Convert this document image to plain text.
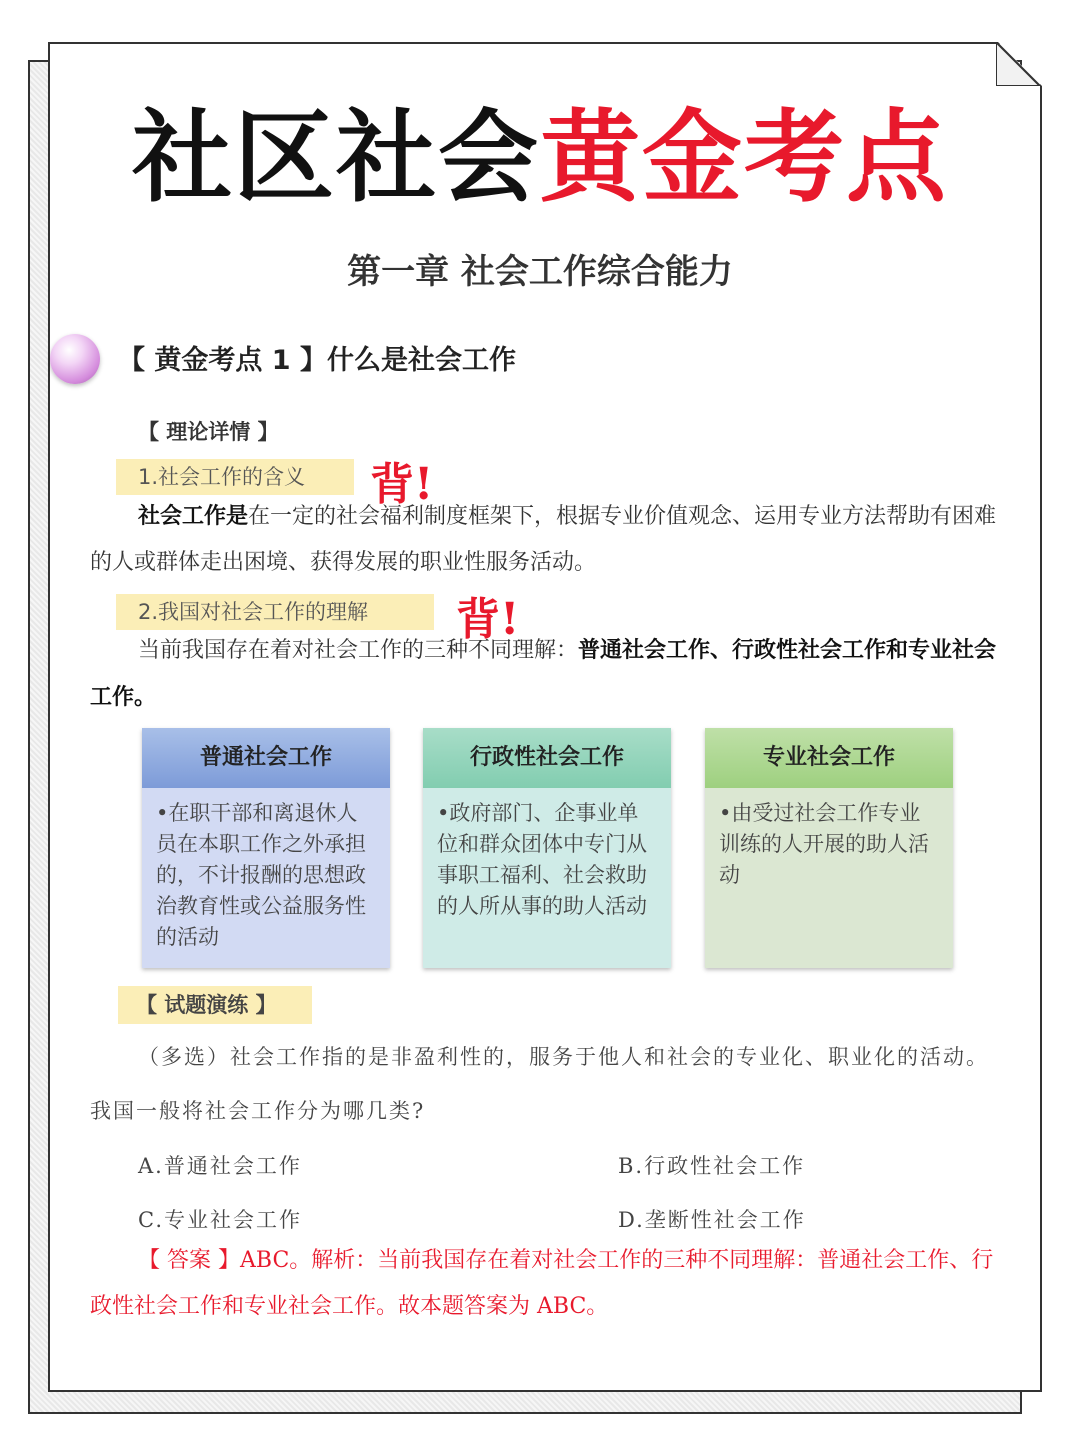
社区社会黄金考点
第一章 社会工作综合能力
【 黄金考点 1 】什么是社会工作
【 理论详情 】
1.社会工作的含义	背!
社会工作是在一定的社会福利制度框架下，根据专业价值观念、运用专业方法帮助有困难的人或群体走出困境、获得发展的职业性服务活动。
2.我国对社会工作的理解	背!
当前我国存在着对社会工作的三种不同理解：普通社会工作、行政性社会工作和专业社会工作。
普通社会工作
•在职干部和离退休人员在本职工作之外承担的，不计报酬的思想政治教育性或公益服务性的活动
行政性社会工作
•政府部门、企事业单位和群众团体中专门从事职工福利、社会救助的人所从事的助人活动
专业社会工作
•由受过社会工作专业训练的人开展的助人活动
【 试题演练 】
（多选）社会工作指的是非盈利性的，服务于他人和社会的专业化、职业化的活动。我国一般将社会工作分为哪几类?
A.普通社会工作	B.行政性社会工作
C.专业社会工作	D.垄断性社会工作
【 答案 】ABC。解析：当前我国存在着对社会工作的三种不同理解：普通社会工作、行政性社会工作和专业社会工作。故本题答案为 ABC。
